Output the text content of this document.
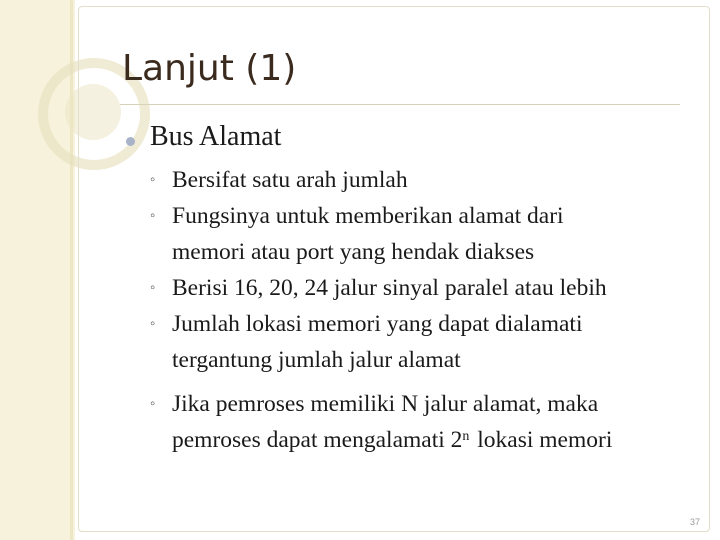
Lanjut (1)
Bus Alamat
◦ Bersifat satu arah jumlah
◦ Fungsinya untuk memberikan alamat dari
memori atau port yang hendak diakses
◦ Berisi 16, 20, 24 jalur sinyal paralel atau lebih
◦ Jumlah lokasi memori yang dapat dialamati
tergantung jumlah jalur alamat
◦ Jika pemroses memiliki N jalur alamat, maka
pemroses dapat mengalamati 2$^n$ lokasi memori
37
